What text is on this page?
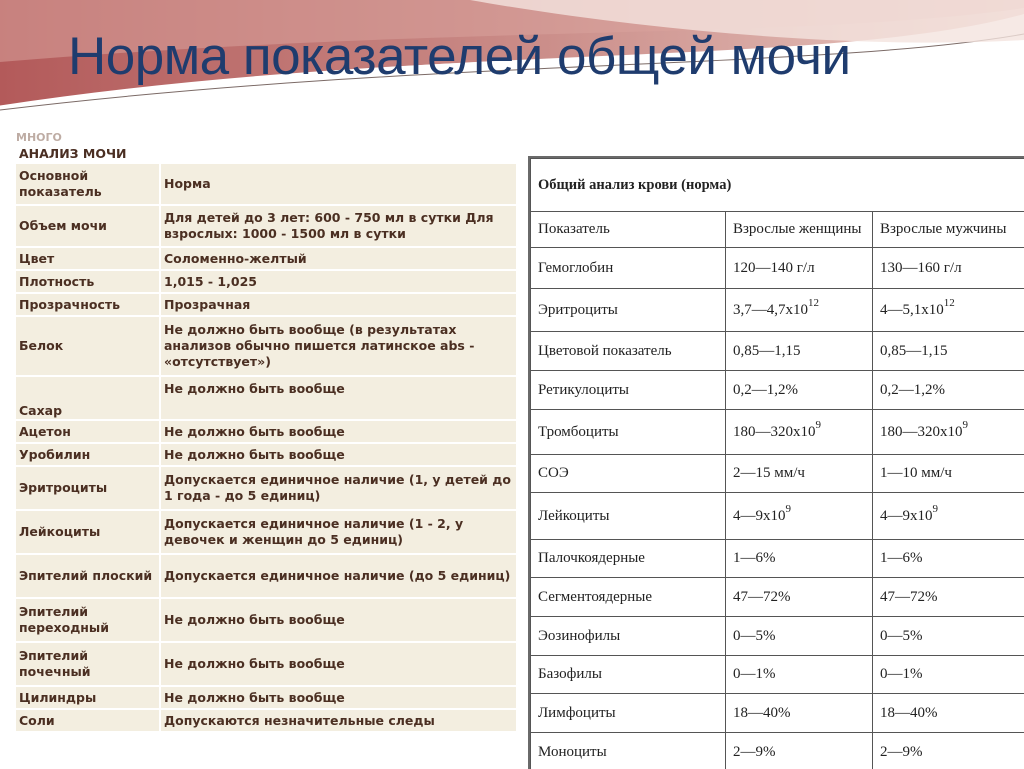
Норма показателей общей мочи
МНОГО
АНАЛИЗ МОЧИ
Основной показатель	Норма
Объем мочи	Для детей до 3 лет: 600 - 750 мл в сутки Для взрослых: 1000 - 1500 мл в сутки
Цвет	Соломенно-желтый
Плотность	1,015 - 1,025
Прозрачность	Прозрачная
Белок	Не должно быть вообще (в результатах анализов обычно пишется латинское abs - «отсутствует»)
Сахар	Не должно быть вообще
Ацетон	Не должно быть вообще
Уробилин	Не должно быть вообще
Эритроциты	Допускается единичное наличие (1, у детей до 1 года - до 5 единиц)
Лейкоциты	Допускается единичное наличие (1 - 2, у девочек и женщин до 5 единиц)
Эпителий плоский	Допускается единичное наличие (до 5 единиц)
Эпителий переходный	Не должно быть вообще
Эпителий почечный	Не должно быть вообще
Цилиндры	Не должно быть вообще
Соли	Допускаются незначительные следы
Общий анализ крови (норма)		
Показатель	Взрослые женщины	Взрослые мужчины
Гемоглобин	120—140 г/л	130—160 г/л
Эритроциты	$3,7—4,7х10^{12}$	$4—5,1х10^{12}$
Цветовой показатель	0,85—1,15	0,85—1,15
Ретикулоциты	0,2—1,2%	0,2—1,2%
Тромбоциты	$180—320х10^9$	$180—320х10^9$
СОЭ	2—15 мм/ч	1—10 мм/ч
Лейкоциты	$4—9х10^9$	$4—9х10^9$
Палочкоядерные	1—6%	1—6%
Сегментоядерные	47—72%	47—72%
Эозинофилы	0—5%	0—5%
Базофилы	0—1%	0—1%
Лимфоциты	18—40%	18—40%
Моноциты	2—9%	2—9%
